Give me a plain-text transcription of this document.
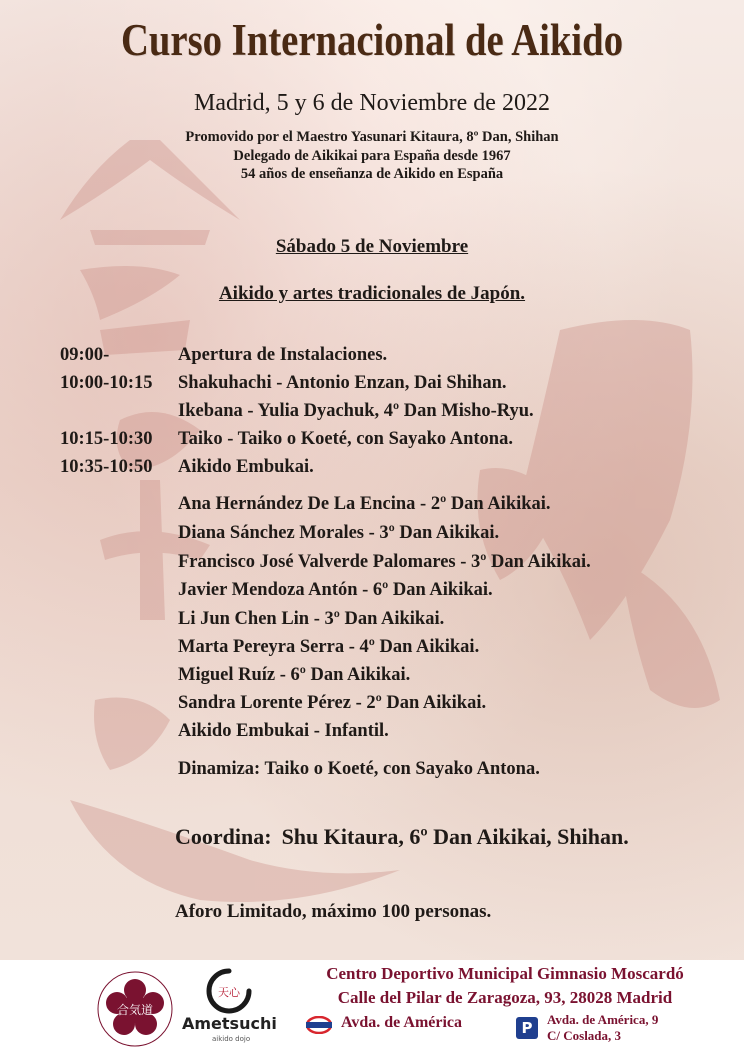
Curso Internacional de Aikido

Madrid, 5 y 6 de Noviembre de 2022

Promovido por el Maestro Yasunari Kitaura, 8º Dan, Shihan

Delegado de Aikikai para España desde 1967

54 años de enseñanza de Aikido en España

Sábado 5 de Noviembre

Aikido y artes tradicionales de Japón.

09:00-	Apertura de Instalaciones.
10:00-10:15 Shakuhachi - Antonio Enzan, Dai Shihan.
Ikebana - Yulia Dyachuk, 4º Dan Misho-Ryu.
10:15-10:30 Taiko - Taiko o Koeté, con Sayako Antona.
10:35-10:50 Aikido Embukai.
Ana Hernández De La Encina - 2º Dan Aikikai.
Diana Sánchez Morales - 3º Dan Aikikai.
Francisco José Valverde Palomares - 3º Dan Aikikai.
Javier Mendoza Antón - 6º Dan Aikikai.
Li Jun Chen Lin - 3º Dan Aikikai.
Marta Pereyra Serra - 4º Dan Aikikai.
Miguel Ruíz - 6º Dan Aikikai.
Sandra Lorente Pérez - 2º Dan Aikikai.
Aikido Embukai - Infantil.

Dinamiza: Taiko o Koeté, con Sayako Antona.

Coordina: Shu Kitaura, 6º Dan Aikikai, Shihan.

Aforo Limitado, máximo 100 personas.

合気道
天心
Ametsuchi
aikido dojo
Centro Deportivo Municipal Gimnasio Moscardó
Calle del Pilar de Zaragoza, 93, 28028 Madrid
Avda. de América	P	Avda. de América, 9
C/ Coslada, 3
